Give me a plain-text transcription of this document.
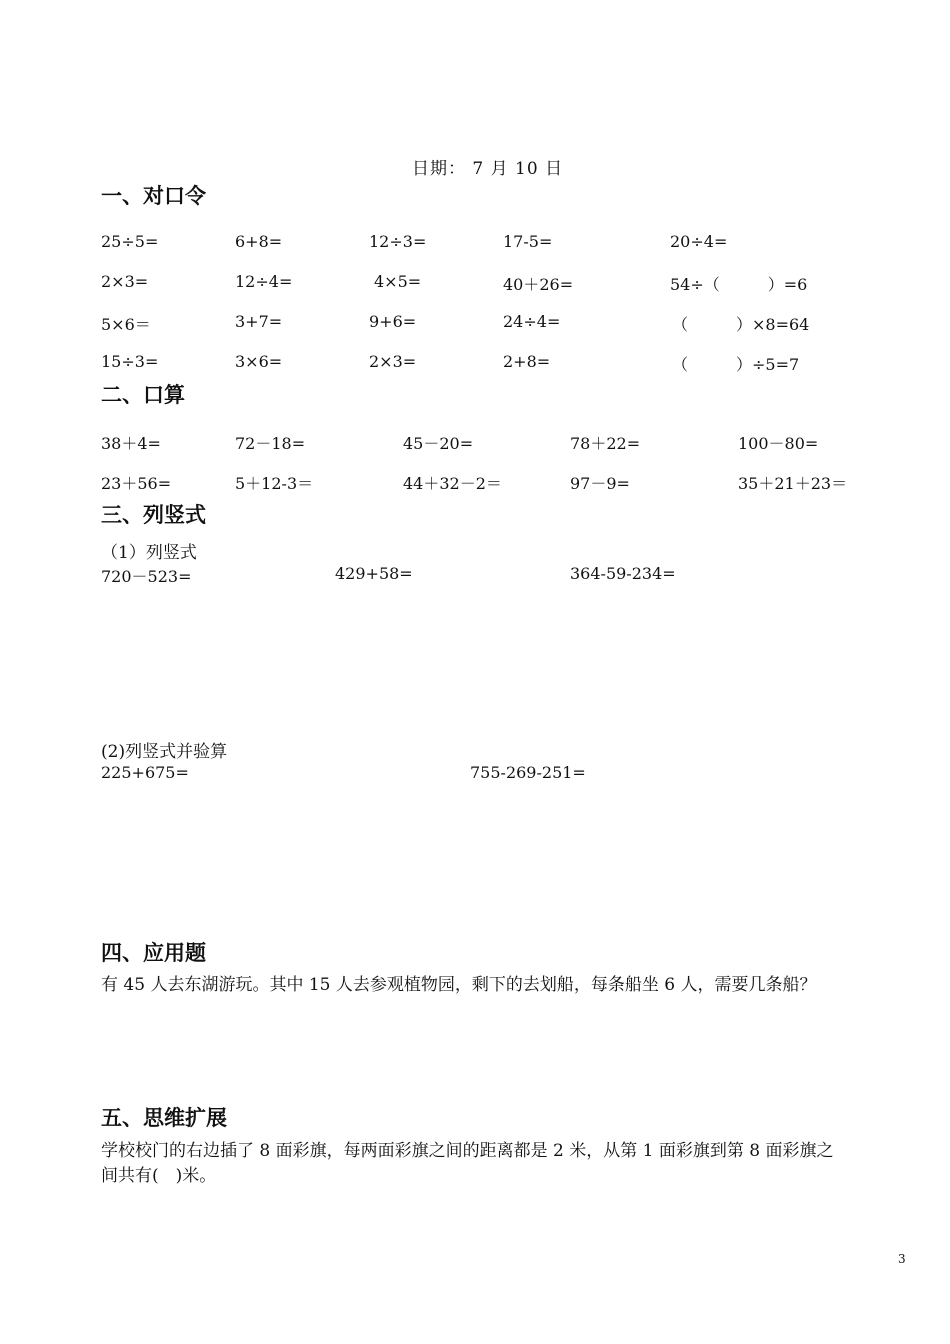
日期： 7 月 10 日
一、对口令
25÷5=	6+8=	12÷3=	17-5=	20÷4=
2×3=	12÷4=	4×5=	40＋26=	54÷（　　　）=6
5×6＝	3+7=	9+6=	24÷4=	（　　　）×8=64
15÷3=	3×6=	2×3=	2+8=	（　　　）÷5=7
二、口算
38＋4=	72－18=	45－20=	78＋22=	100－80=
23＋56=	5＋12-3＝	44＋32－2＝	97－9=	35＋21＋23＝
三、列竖式
（1）列竖式
720－523=	429+58=	364-59-234=
(2)列竖式并验算
225+675=	755-269-251=
四、应用题
有 45 人去东湖游玩。其中 15 人去参观植物园，剩下的去划船，每条船坐 6 人，需要几条船？
五、思维扩展
学校校门的右边插了 8 面彩旗，每两面彩旗之间的距离都是 2 米，从第 1 面彩旗到第 8 面彩旗之
间共有(　)米。
3
